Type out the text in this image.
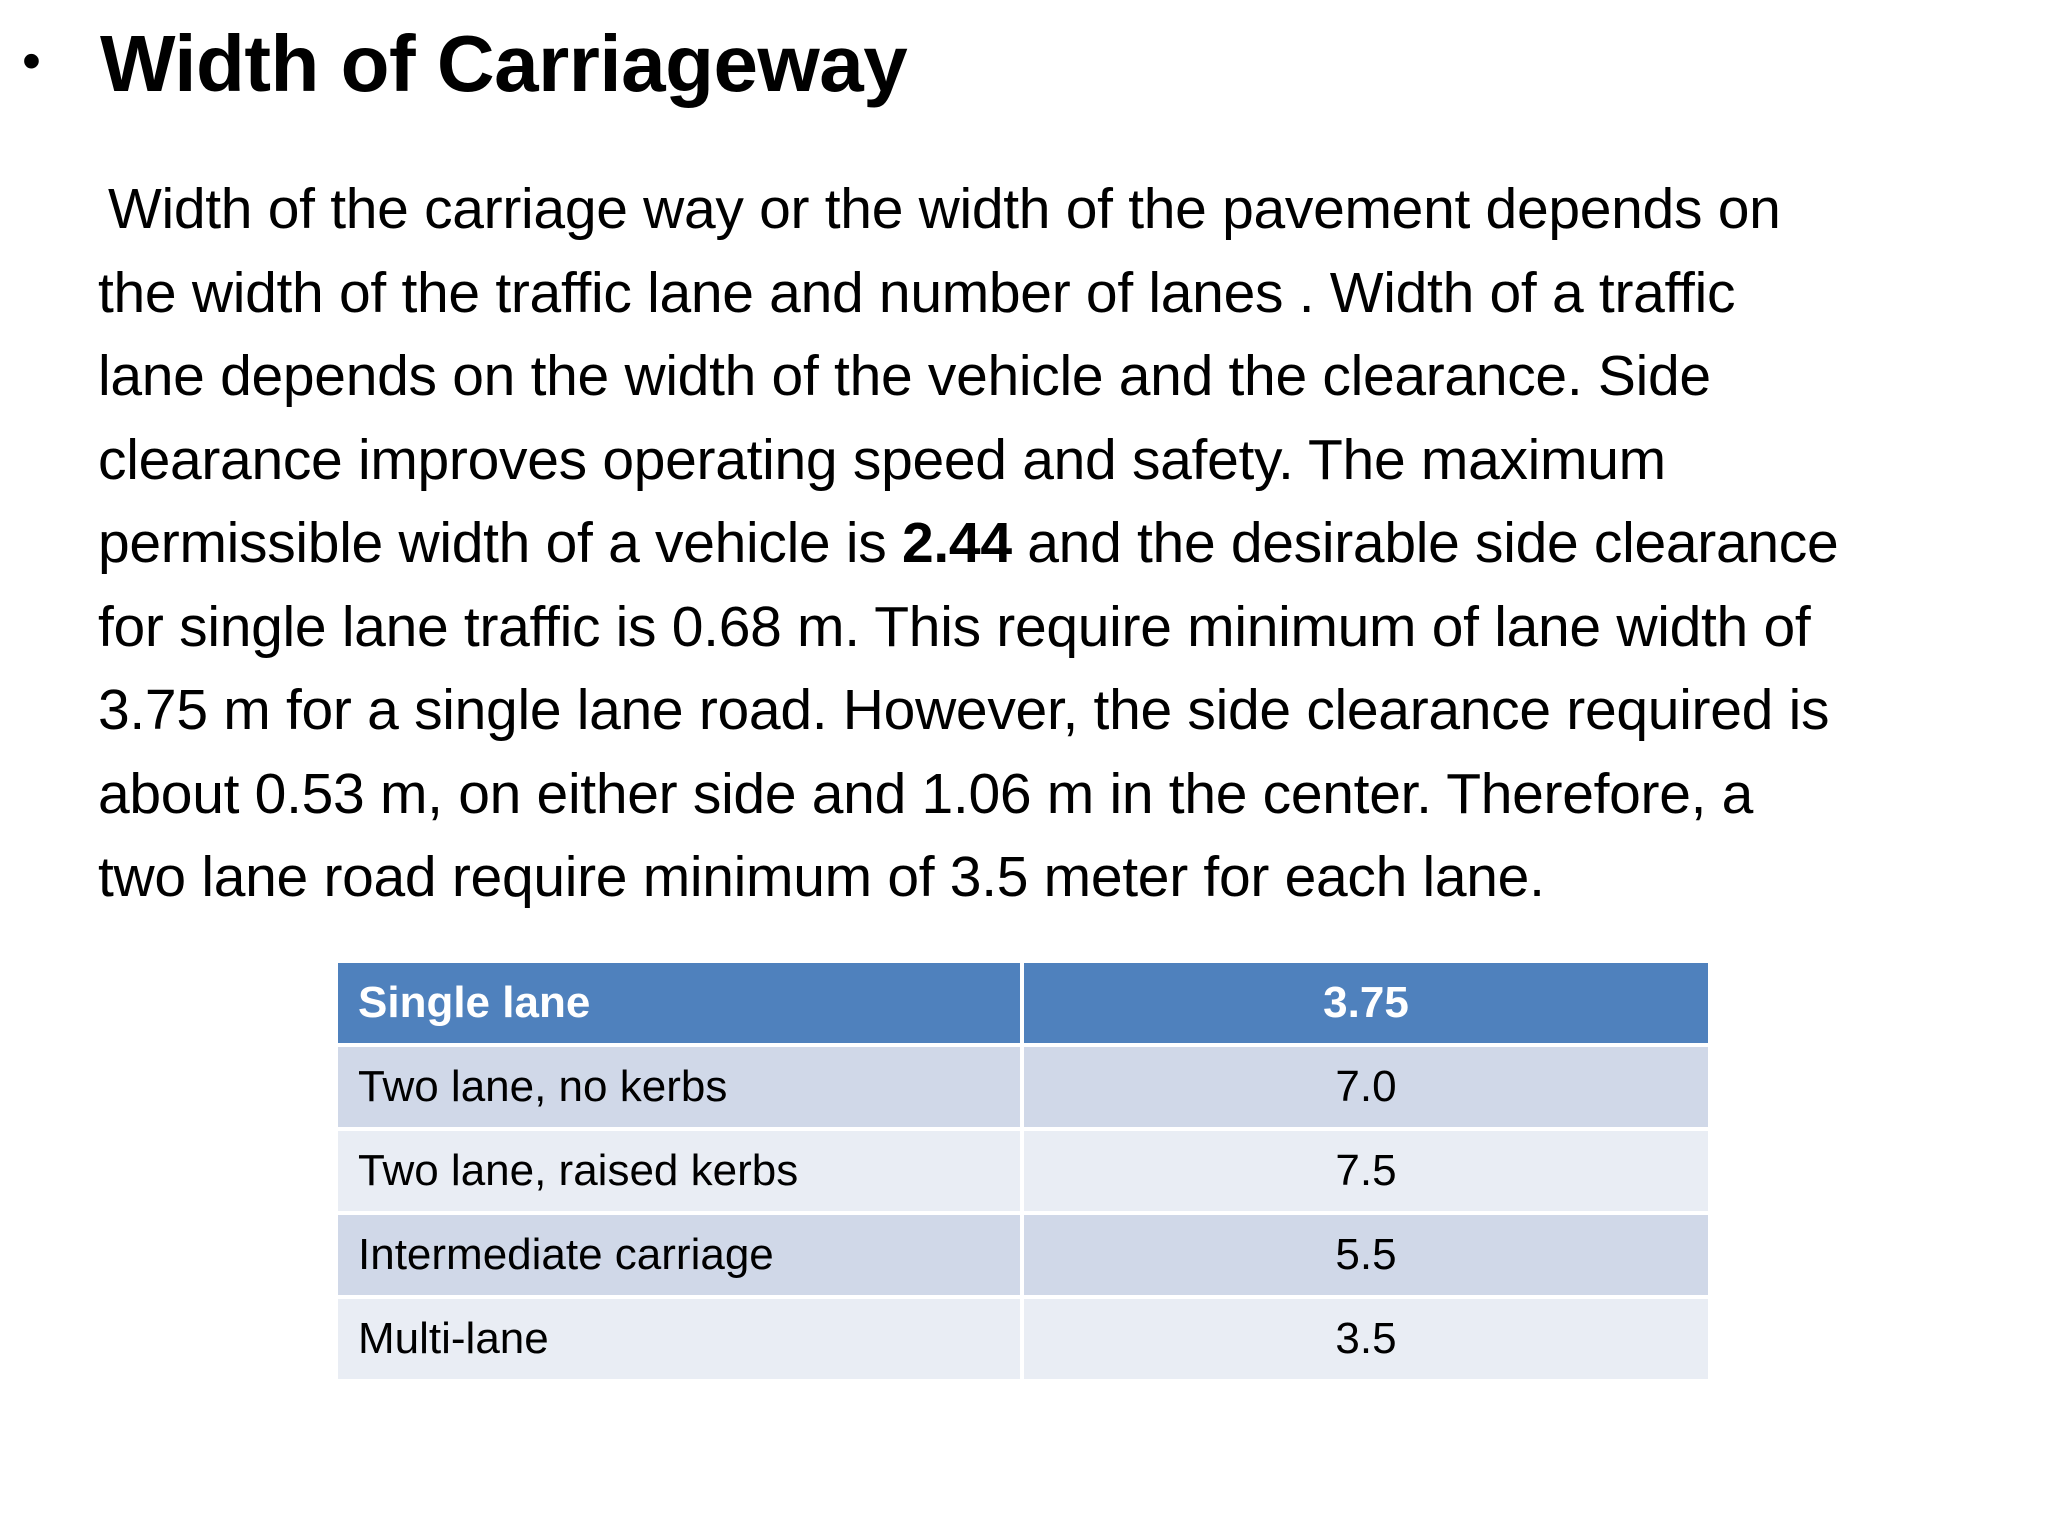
• Width of Carriageway
Width of the carriage way or the width of the pavement depends on
the width of the traffic lane and number of lanes . Width of a traffic
lane depends on the width of the vehicle and the clearance. Side
clearance improves operating speed and safety. The maximum
permissible width of a vehicle is 2.44 and the desirable side clearance
for single lane traffic is 0.68 m. This require minimum of lane width of
3.75 m for a single lane road. However, the side clearance required is
about 0.53 m, on either side and 1.06 m in the center. Therefore, a
two lane road require minimum of 3.5 meter for each lane.
Single lane	3.75
Two lane, no kerbs	7.0
Two lane, raised kerbs	7.5
Intermediate carriage	5.5
Multi-lane	3.5
